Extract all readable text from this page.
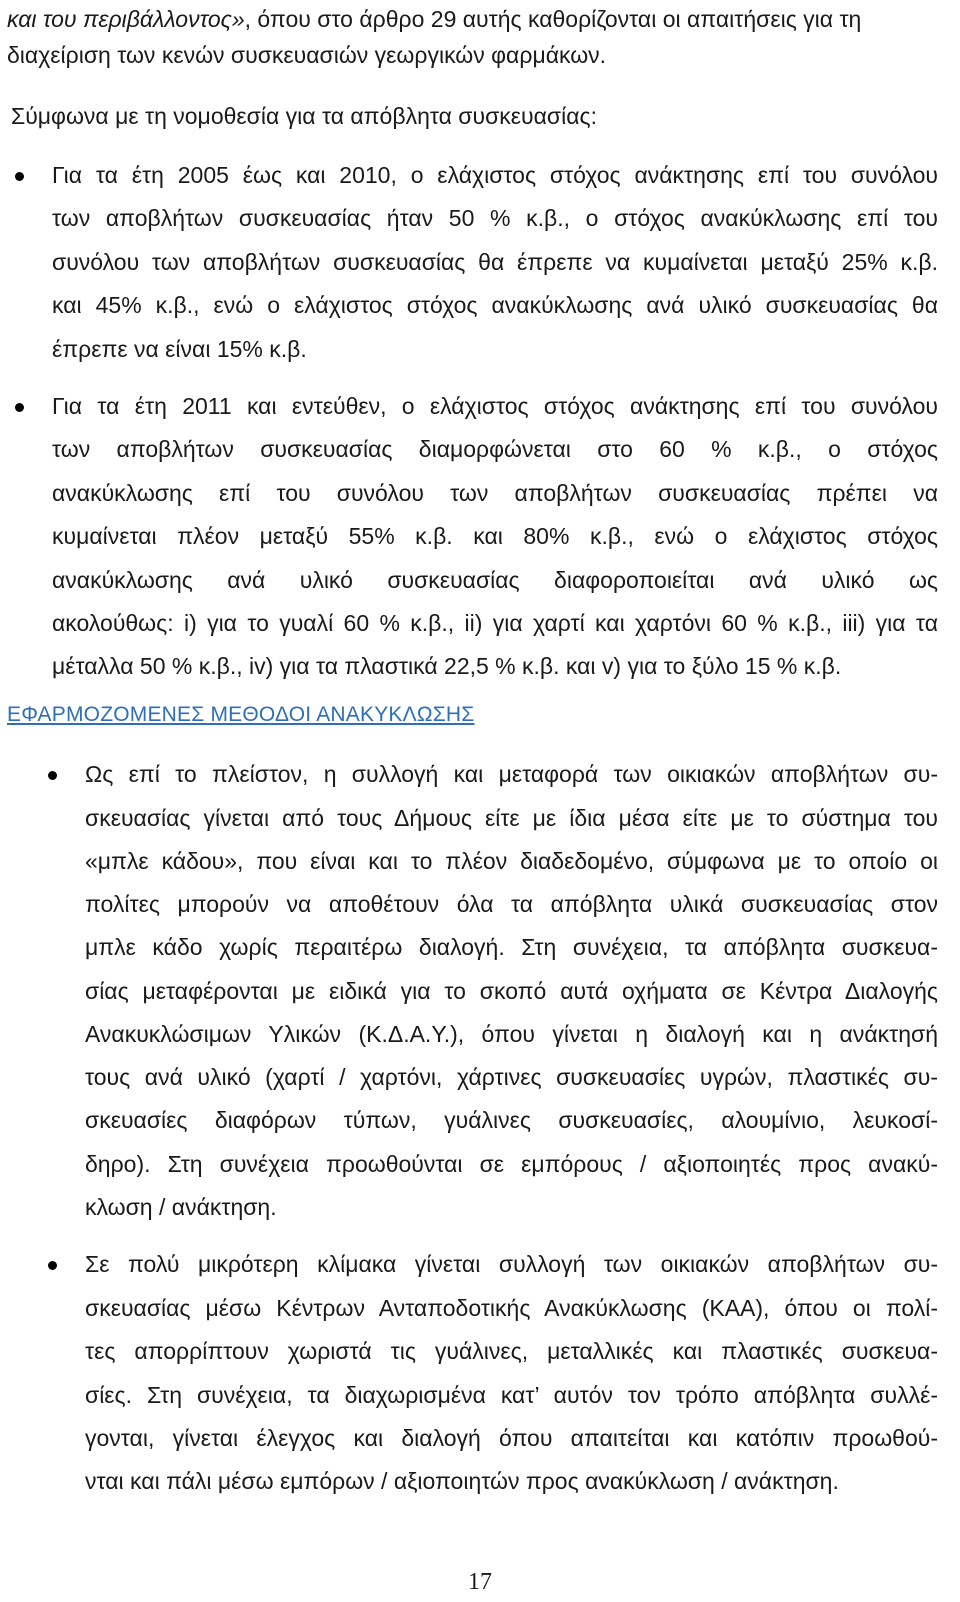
και του περιβάλλοντος», όπου στο άρθρο 29 αυτής καθορίζονται οι απαιτήσεις για τη
διαχείριση των κενών συσκευασιών γεωργικών φαρμάκων.
Σύμφωνα με τη νομοθεσία για τα απόβλητα συσκευασίας:
Για τα έτη 2005 έως και 2010, ο ελάχιστος στόχος ανάκτησης επί του συνόλου
των αποβλήτων συσκευασίας ήταν 50 % κ.β., ο στόχος ανακύκλωσης επί του
συνόλου των αποβλήτων συσκευασίας θα έπρεπε να κυμαίνεται μεταξύ 25% κ.β.
και 45% κ.β., ενώ ο ελάχιστος στόχος ανακύκλωσης ανά υλικό συσκευασίας θα
έπρεπε να είναι 15% κ.β.
Για τα έτη 2011 και εντεύθεν, ο ελάχιστος στόχος ανάκτησης επί του συνόλου
των αποβλήτων συσκευασίας διαμορφώνεται στο 60 % κ.β., ο στόχος
ανακύκλωσης επί του συνόλου των αποβλήτων συσκευασίας πρέπει να
κυμαίνεται πλέον μεταξύ 55% κ.β. και 80% κ.β., ενώ ο ελάχιστος στόχος
ανακύκλωσης ανά υλικό συσκευασίας διαφοροποιείται ανά υλικό ως
ακολούθως: i) για το γυαλί 60 % κ.β., ii) για χαρτί και χαρτόνι 60 % κ.β., iii) για τα
μέταλλα 50 % κ.β., iv) για τα πλαστικά 22,5 % κ.β. και v) για το ξύλο 15 % κ.β.
ΕΦΑΡΜΟΖΟΜΕΝΕΣ ΜΕΘΟΔΟΙ ΑΝΑΚΥΚΛΩΣΗΣ
Ως επί το πλείστον, η συλλογή και μεταφορά των οικιακών αποβλήτων συ-
σκευασίας γίνεται από τους Δήμους είτε με ίδια μέσα είτε με το σύστημα του
«μπλε κάδου», που είναι και το πλέον διαδεδομένο, σύμφωνα με το οποίο οι
πολίτες μπορούν να αποθέτουν όλα τα απόβλητα υλικά συσκευασίας στον
μπλε κάδο χωρίς περαιτέρω διαλογή. Στη συνέχεια, τα απόβλητα συσκευα-
σίας μεταφέρονται με ειδικά για το σκοπό αυτά οχήματα σε Κέντρα Διαλογής
Ανακυκλώσιμων Υλικών (Κ.Δ.Α.Υ.), όπου γίνεται η διαλογή και η ανάκτησή
τους ανά υλικό (χαρτί / χαρτόνι, χάρτινες συσκευασίες υγρών, πλαστικές συ-
σκευασίες διαφόρων τύπων, γυάλινες συσκευασίες, αλουμίνιο, λευκοσί-
δηρο). Στη συνέχεια προωθούνται σε εμπόρους / αξιοποιητές προς ανακύ-
κλωση / ανάκτηση.
Σε πολύ μικρότερη κλίμακα γίνεται συλλογή των οικιακών αποβλήτων συ-
σκευασίας μέσω Κέντρων Ανταποδοτικής Ανακύκλωσης (ΚΑΑ), όπου οι πολί-
τες απορρίπτουν χωριστά τις γυάλινες, μεταλλικές και πλαστικές συσκευα-
σίες. Στη συνέχεια, τα διαχωρισμένα κατ’ αυτόν τον τρόπο απόβλητα συλλέ-
γονται, γίνεται έλεγχος και διαλογή όπου απαιτείται και κατόπιν προωθού-
νται και πάλι μέσω εμπόρων / αξιοποιητών προς ανακύκλωση / ανάκτηση.
17
